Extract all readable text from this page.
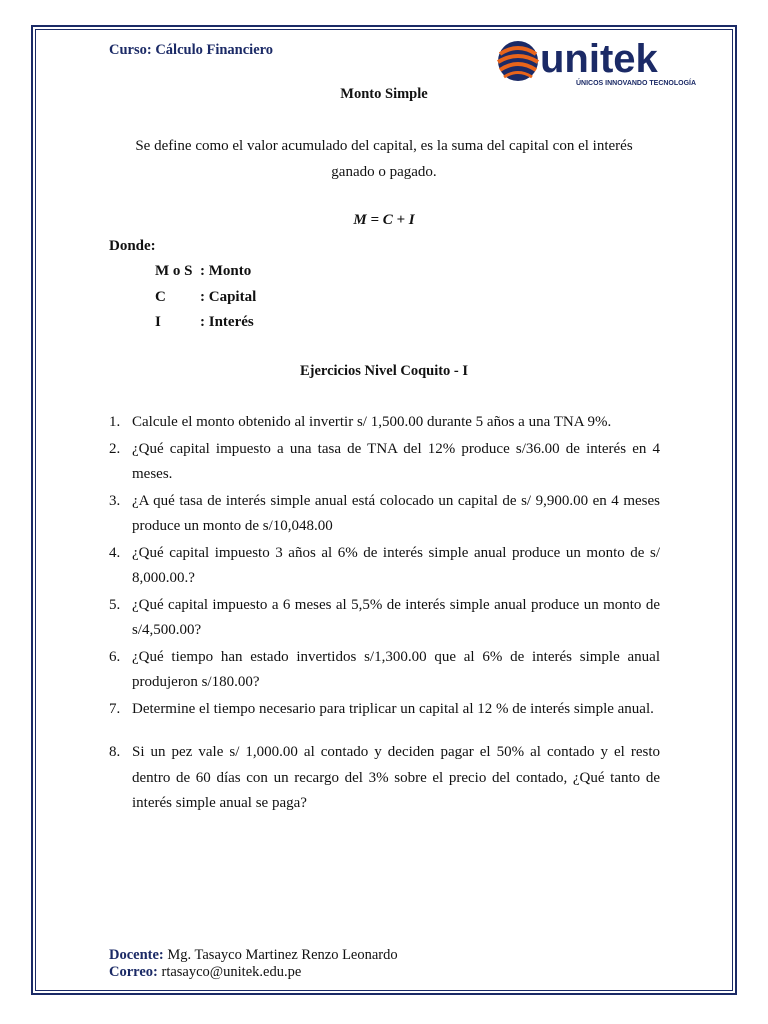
Curso: Cálculo Financiero	unitek
ÚNICOS INNOVANDO TECNOLOGÍA
Monto Simple
Se define como el valor acumulado del capital, es la suma del capital con el interés
ganado o pagado.
M = C + I
Donde:
M o S : Monto
C : Capital
I	: Interés
Ejercicios Nivel Coquito - I
1. Calcule el monto obtenido al invertir s/ 1,500.00 durante 5 años a una TNA 9%.
2. ¿Qué capital impuesto a una tasa de TNA del 12% produce s/36.00 de interés en 4 meses.
3. ¿A qué tasa de interés simple anual está colocado un capital de s/ 9,900.00 en 4 meses produce un monto de s/10,048.00
4. ¿Qué capital impuesto 3 años al 6% de interés simple anual produce un monto de s/ 8,000.00.?
5. ¿Qué capital impuesto a 6 meses al 5,5% de interés simple anual produce un monto de s/4,500.00?
6. ¿Qué tiempo han estado invertidos s/1,300.00 que al 6% de interés simple anual produjeron s/180.00?
7. Determine el tiempo necesario para triplicar un capital al 12 % de interés simple anual.
8. Si un pez vale s/ 1,000.00 al contado y deciden pagar el 50% al contado y el resto dentro de 60 días con un recargo del 3% sobre el precio del contado, ¿Qué tanto de interés simple anual se paga?
Docente: Mg. Tasayco Martinez Renzo Leonardo
Correo: rtasayco@unitek.edu.pe
